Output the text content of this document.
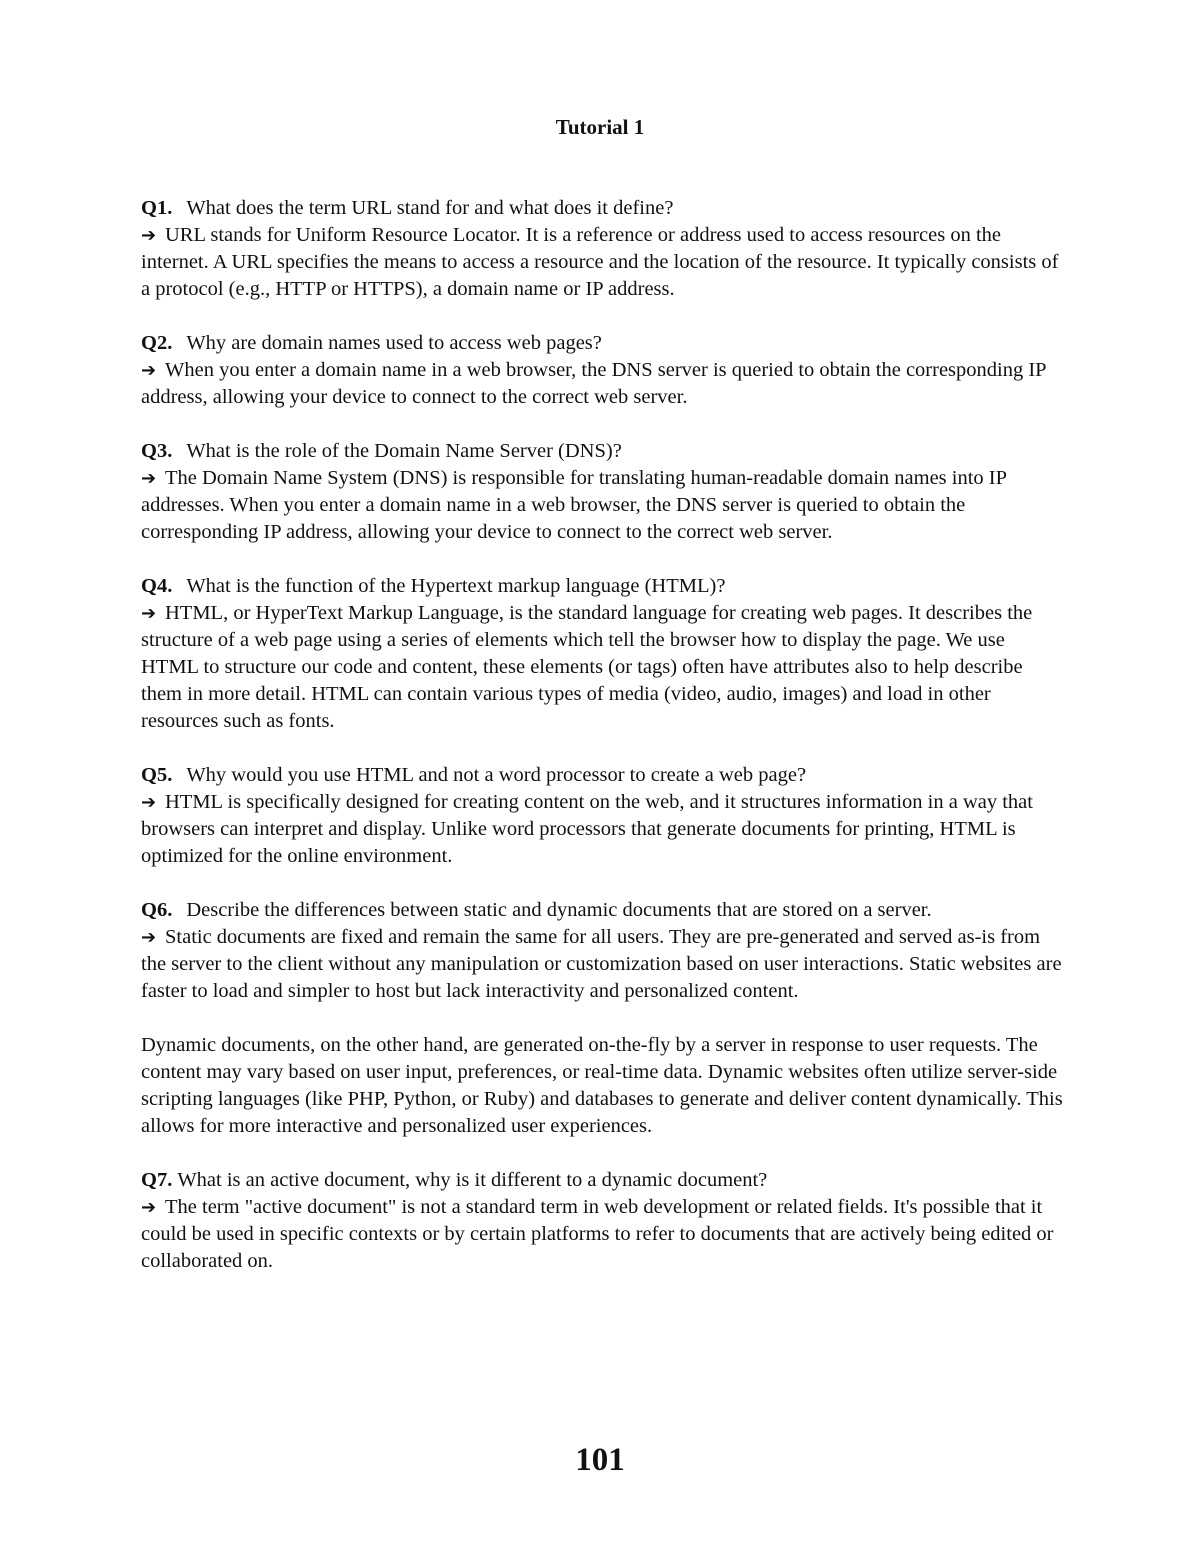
Tutorial 1

Q1. What does the term URL stand for and what does it define?

➔ URL stands for Uniform Resource Locator. It is a reference or address used to access resources on the internet. A URL specifies the means to access a resource and the location of the resource. It typically consists of a protocol (e.g., HTTP or HTTPS), a domain name or IP address.

Q2. Why are domain names used to access web pages?

➔ When you enter a domain name in a web browser, the DNS server is queried to obtain the corresponding IP address, allowing your device to connect to the correct web server.

Q3. What is the role of the Domain Name Server (DNS)?

➔ The Domain Name System (DNS) is responsible for translating human-readable domain names into IP addresses. When you enter a domain name in a web browser, the DNS server is queried to obtain the corresponding IP address, allowing your device to connect to the correct web server.

Q4. What is the function of the Hypertext markup language (HTML)?

➔ HTML, or HyperText Markup Language, is the standard language for creating web pages. It describes the structure of a web page using a series of elements which tell the browser how to display the page. We use HTML to structure our code and content, these elements (or tags) often have attributes also to help describe them in more detail. HTML can contain various types of media (video, audio, images) and load in other resources such as fonts.

Q5. Why would you use HTML and not a word processor to create a web page?

➔ HTML is specifically designed for creating content on the web, and it structures information in a way that browsers can interpret and display. Unlike word processors that generate documents for printing, HTML is optimized for the online environment.

Q6. Describe the differences between static and dynamic documents that are stored on a server.

➔ Static documents are fixed and remain the same for all users. They are pre-generated and served as-is from the server to the client without any manipulation or customization based on user interactions. Static websites are faster to load and simpler to host but lack interactivity and personalized content.

Dynamic documents, on the other hand, are generated on-the-fly by a server in response to user requests. The content may vary based on user input, preferences, or real-time data. Dynamic websites often utilize server-side scripting languages (like PHP, Python, or Ruby) and databases to generate and deliver content dynamically. This allows for more interactive and personalized user experiences.

Q7. What is an active document, why is it different to a dynamic document?

➔ The term "active document" is not a standard term in web development or related fields. It's possible that it could be used in specific contexts or by certain platforms to refer to documents that are actively being edited or collaborated on.

101
